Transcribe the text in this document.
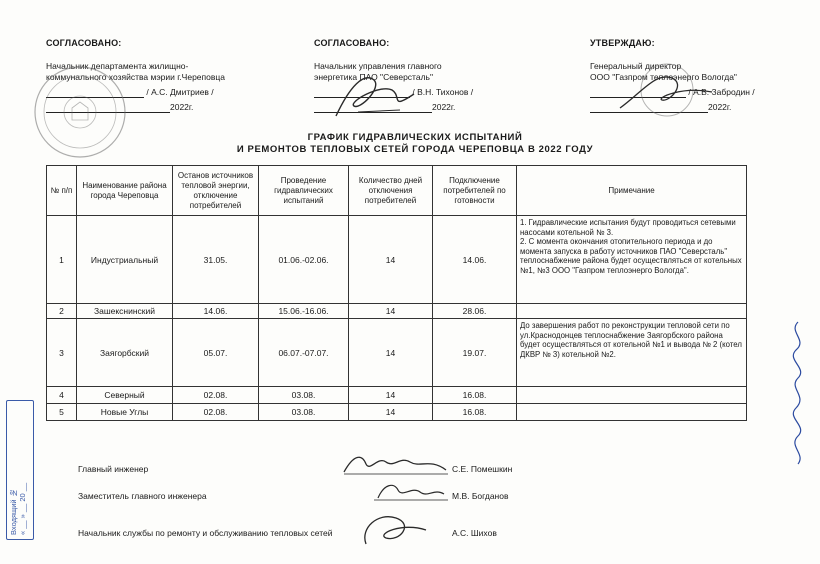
СОГЛАСОВАНО:
Начальник департамента жилищно-
коммунального хозяйства мэрии г.Череповца
/ А.С. Дмитриев /
2022г.
СОГЛАСОВАНО:
Начальник управления главного
энергетика ПАО "Северсталь"
/ В.Н. Тихонов /
2022г.
УТВЕРЖДАЮ:
Генеральный директор
ООО "Газпром теплоэнерго Вологда"
/ А.В. Забродин /
2022г.
ГРАФИК ГИДРАВЛИЧЕСКИХ ИСПЫТАНИЙ
И РЕМОНТОВ ТЕПЛОВЫХ СЕТЕЙ ГОРОДА ЧЕРЕПОВЦА В 2022 ГОДУ
№ п/п	Наименование района города Череповца	Останов источников тепловой энергии, отключение потребителей	Проведение гидравлических испытаний	Количество дней отключения потребителей	Подключение потребителей по готовности	Примечание
1	Индустриальный	31.05.	01.06.-02.06.	14	14.06.	1. Гидравлические испытания будут проводиться сетевыми насосами котельной № 3.
2. С момента окончания отопительного периода и до момента запуска в работу источников ПАО "Северсталь" теплоснабжение района будет осуществляться от котельных №1, №3 ООО "Газпром теплоэнерго Вологда".

2	Зашекснинский	14.06.	15.06.-16.06.	14	28.06.	
3	Заягорбский	05.07.	06.07.-07.07.	14	19.07.	До завершения работ по реконструкции тепловой сети по ул.Краснодонцев теплоснабжение Заягорбского района будет осуществляться от котельной №1 и вывода № 2 (котел ДКВР № 3) котельной №2.
4	Северный	02.08.	03.08.	14	16.08.	
5	Новые Углы	02.08.	03.08.	14	16.08.	
Главный инженер	С.Е. Помешкин
Заместитель главного инженера	М.В. Богданов
Начальник службы по ремонту и обслуживанию тепловых сетей	А.С. Шихов
Входящий №
« __ » __ 20 __
